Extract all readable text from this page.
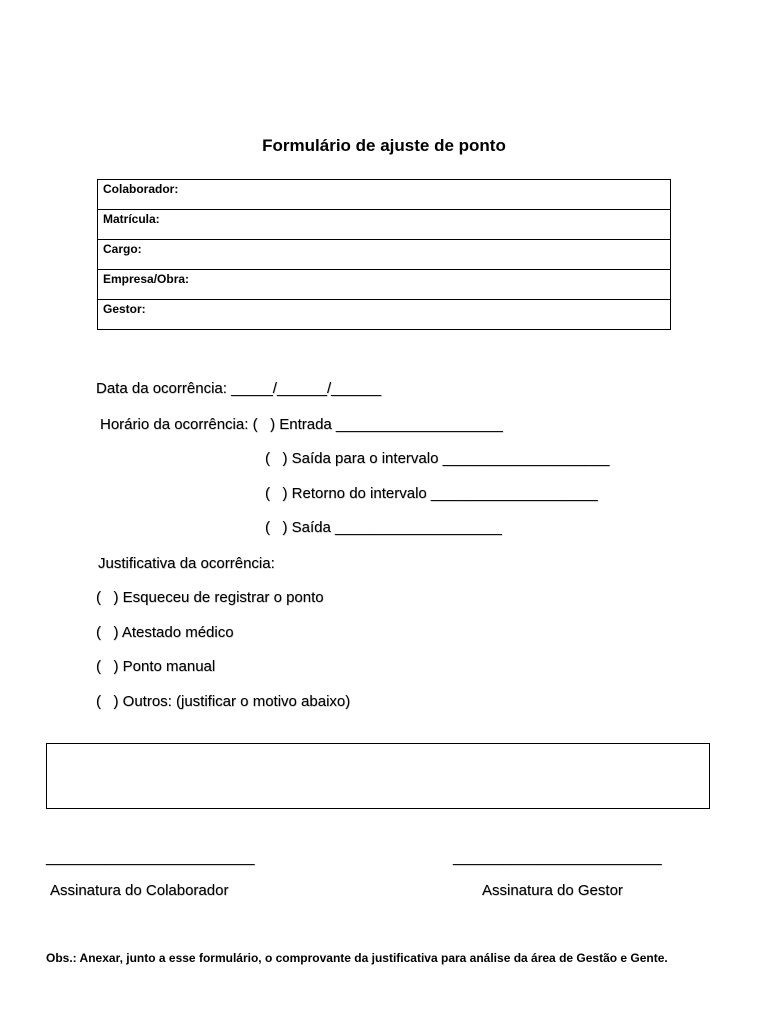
Formulário de ajuste de ponto
Colaborador:
Matrícula:
Cargo:
Empresa/Obra:
Gestor:
Data da ocorrência: _____/______/______
Horário da ocorrência: (   ) Entrada ____________________
(   ) Saída para o intervalo ____________________
(   ) Retorno do intervalo ____________________
(   ) Saída ____________________
Justificativa da ocorrência:
(   ) Esqueceu de registrar o ponto
(   ) Atestado médico
(   ) Ponto manual
(   ) Outros: (justificar o motivo abaixo)
_________________________	_________________________
Assinatura do Colaborador	Assinatura do Gestor
Obs.: Anexar, junto a esse formulário, o comprovante da justificativa para análise da área de Gestão e Gente.
